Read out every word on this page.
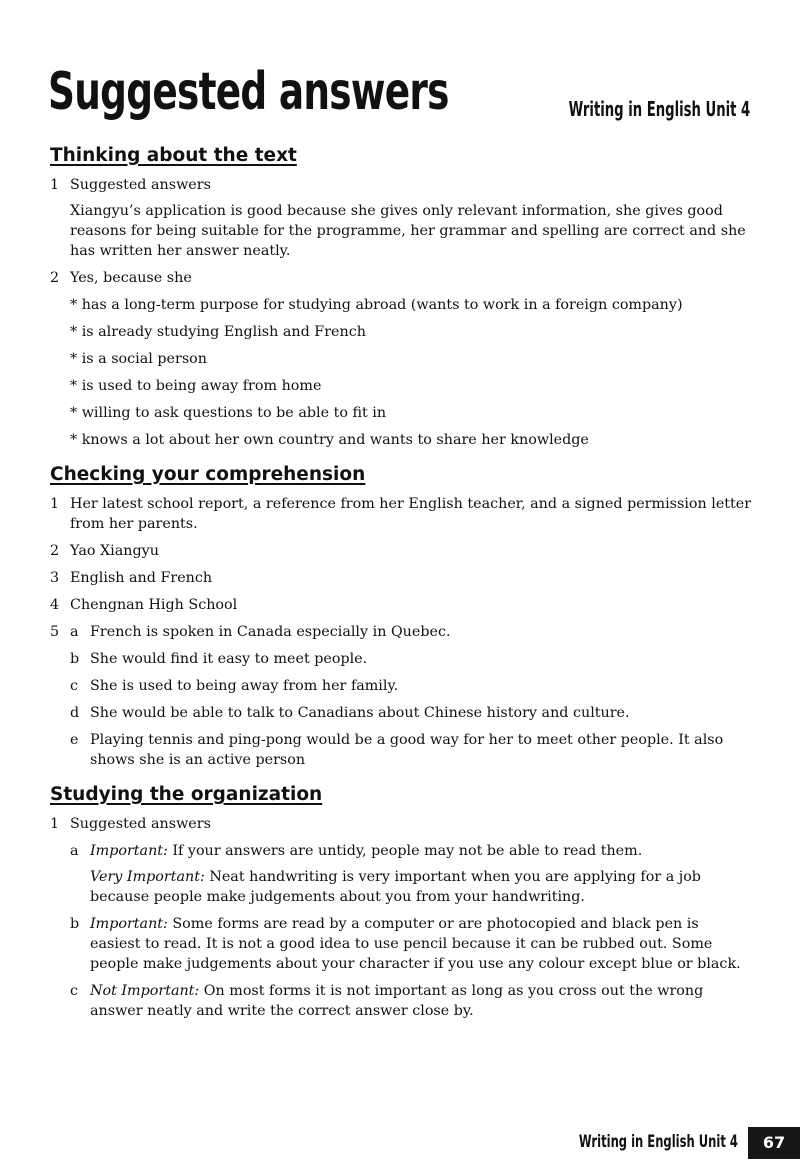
Suggested answers	Writing in English Unit 4
Thinking about the text
1 Suggested answers
Xiangyu’s application is good because she gives only relevant information, she gives good reasons for being suitable for the programme, her grammar and spelling are correct and she has written her answer neatly.
2 Yes, because she
* has a long-term purpose for studying abroad (wants to work in a foreign company)
* is already studying English and French
* is a social person
* is used to being away from home
* willing to ask questions to be able to fit in
* knows a lot about her own country and wants to share her knowledge
Checking your comprehension
1 Her latest school report, a reference from her English teacher, and a signed permission letter from her parents.
2 Yao Xiangyu
3 English and French
4 Chengnan High School
5 a French is spoken in Canada especially in Quebec.
b She would find it easy to meet people.
c She is used to being away from her family.
d She would be able to talk to Canadians about Chinese history and culture.
e Playing tennis and ping-pong would be a good way for her to meet other people. It also shows she is an active person
Studying the organization
1 Suggested answers
a Important: If your answers are untidy, people may not be able to read them.
Very Important: Neat handwriting is very important when you are applying for a job because people make judgements about you from your handwriting.
b Important: Some forms are read by a computer or are photocopied and black pen is easiest to read. It is not a good idea to use pencil because it can be rubbed out. Some people make judgements about your character if you use any colour except blue or black.
c Not Important: On most forms it is not important as long as you cross out the wrong answer neatly and write the correct answer close by.
Writing in English Unit 4	67
